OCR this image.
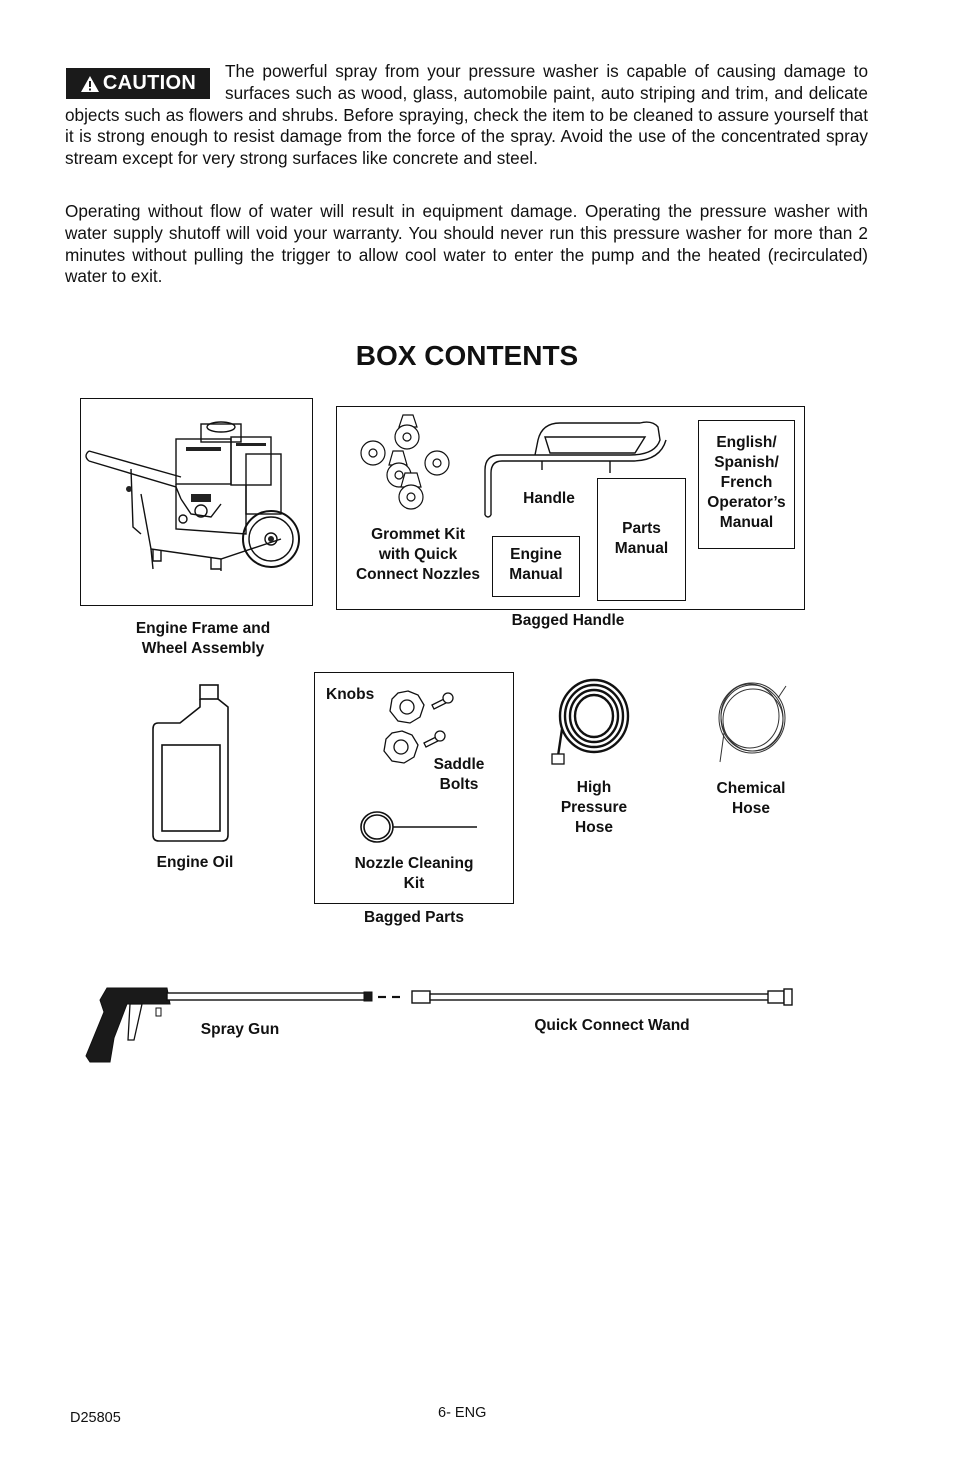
CAUTION
The powerful spray from your pressure washer is capable of causing damage to surfaces such as wood, glass, automobile paint, auto striping and trim, and delicate objects such as flowers and shrubs. Before spraying, check the item to be cleaned to assure yourself that it is strong enough to resist damage from the force of the spray. Avoid the use of the concentrated spray stream except for very strong surfaces like concrete and steel.
Operating without flow of water will result in equipment damage. Operating the pressure washer with water supply shutoff will void your warranty. You should never run this pressure washer for more than 2 minutes without pulling the trigger to allow cool water to enter the pump and the heated (recirculated) water to exit.
BOX CONTENTS
Engine Frame and
Wheel Assembly
Handle
Grommet Kit
with Quick
Connect Nozzles
Engine
Manual
Parts
Manual
English/
Spanish/
French
Operator’s
Manual
Bagged Handle
Engine Oil
Knobs
Saddle
Bolts
Nozzle Cleaning
Kit
Bagged Parts
High
Pressure
Hose
Chemical
Hose
Spray Gun	Quick Connect Wand
D25805	6- ENG
